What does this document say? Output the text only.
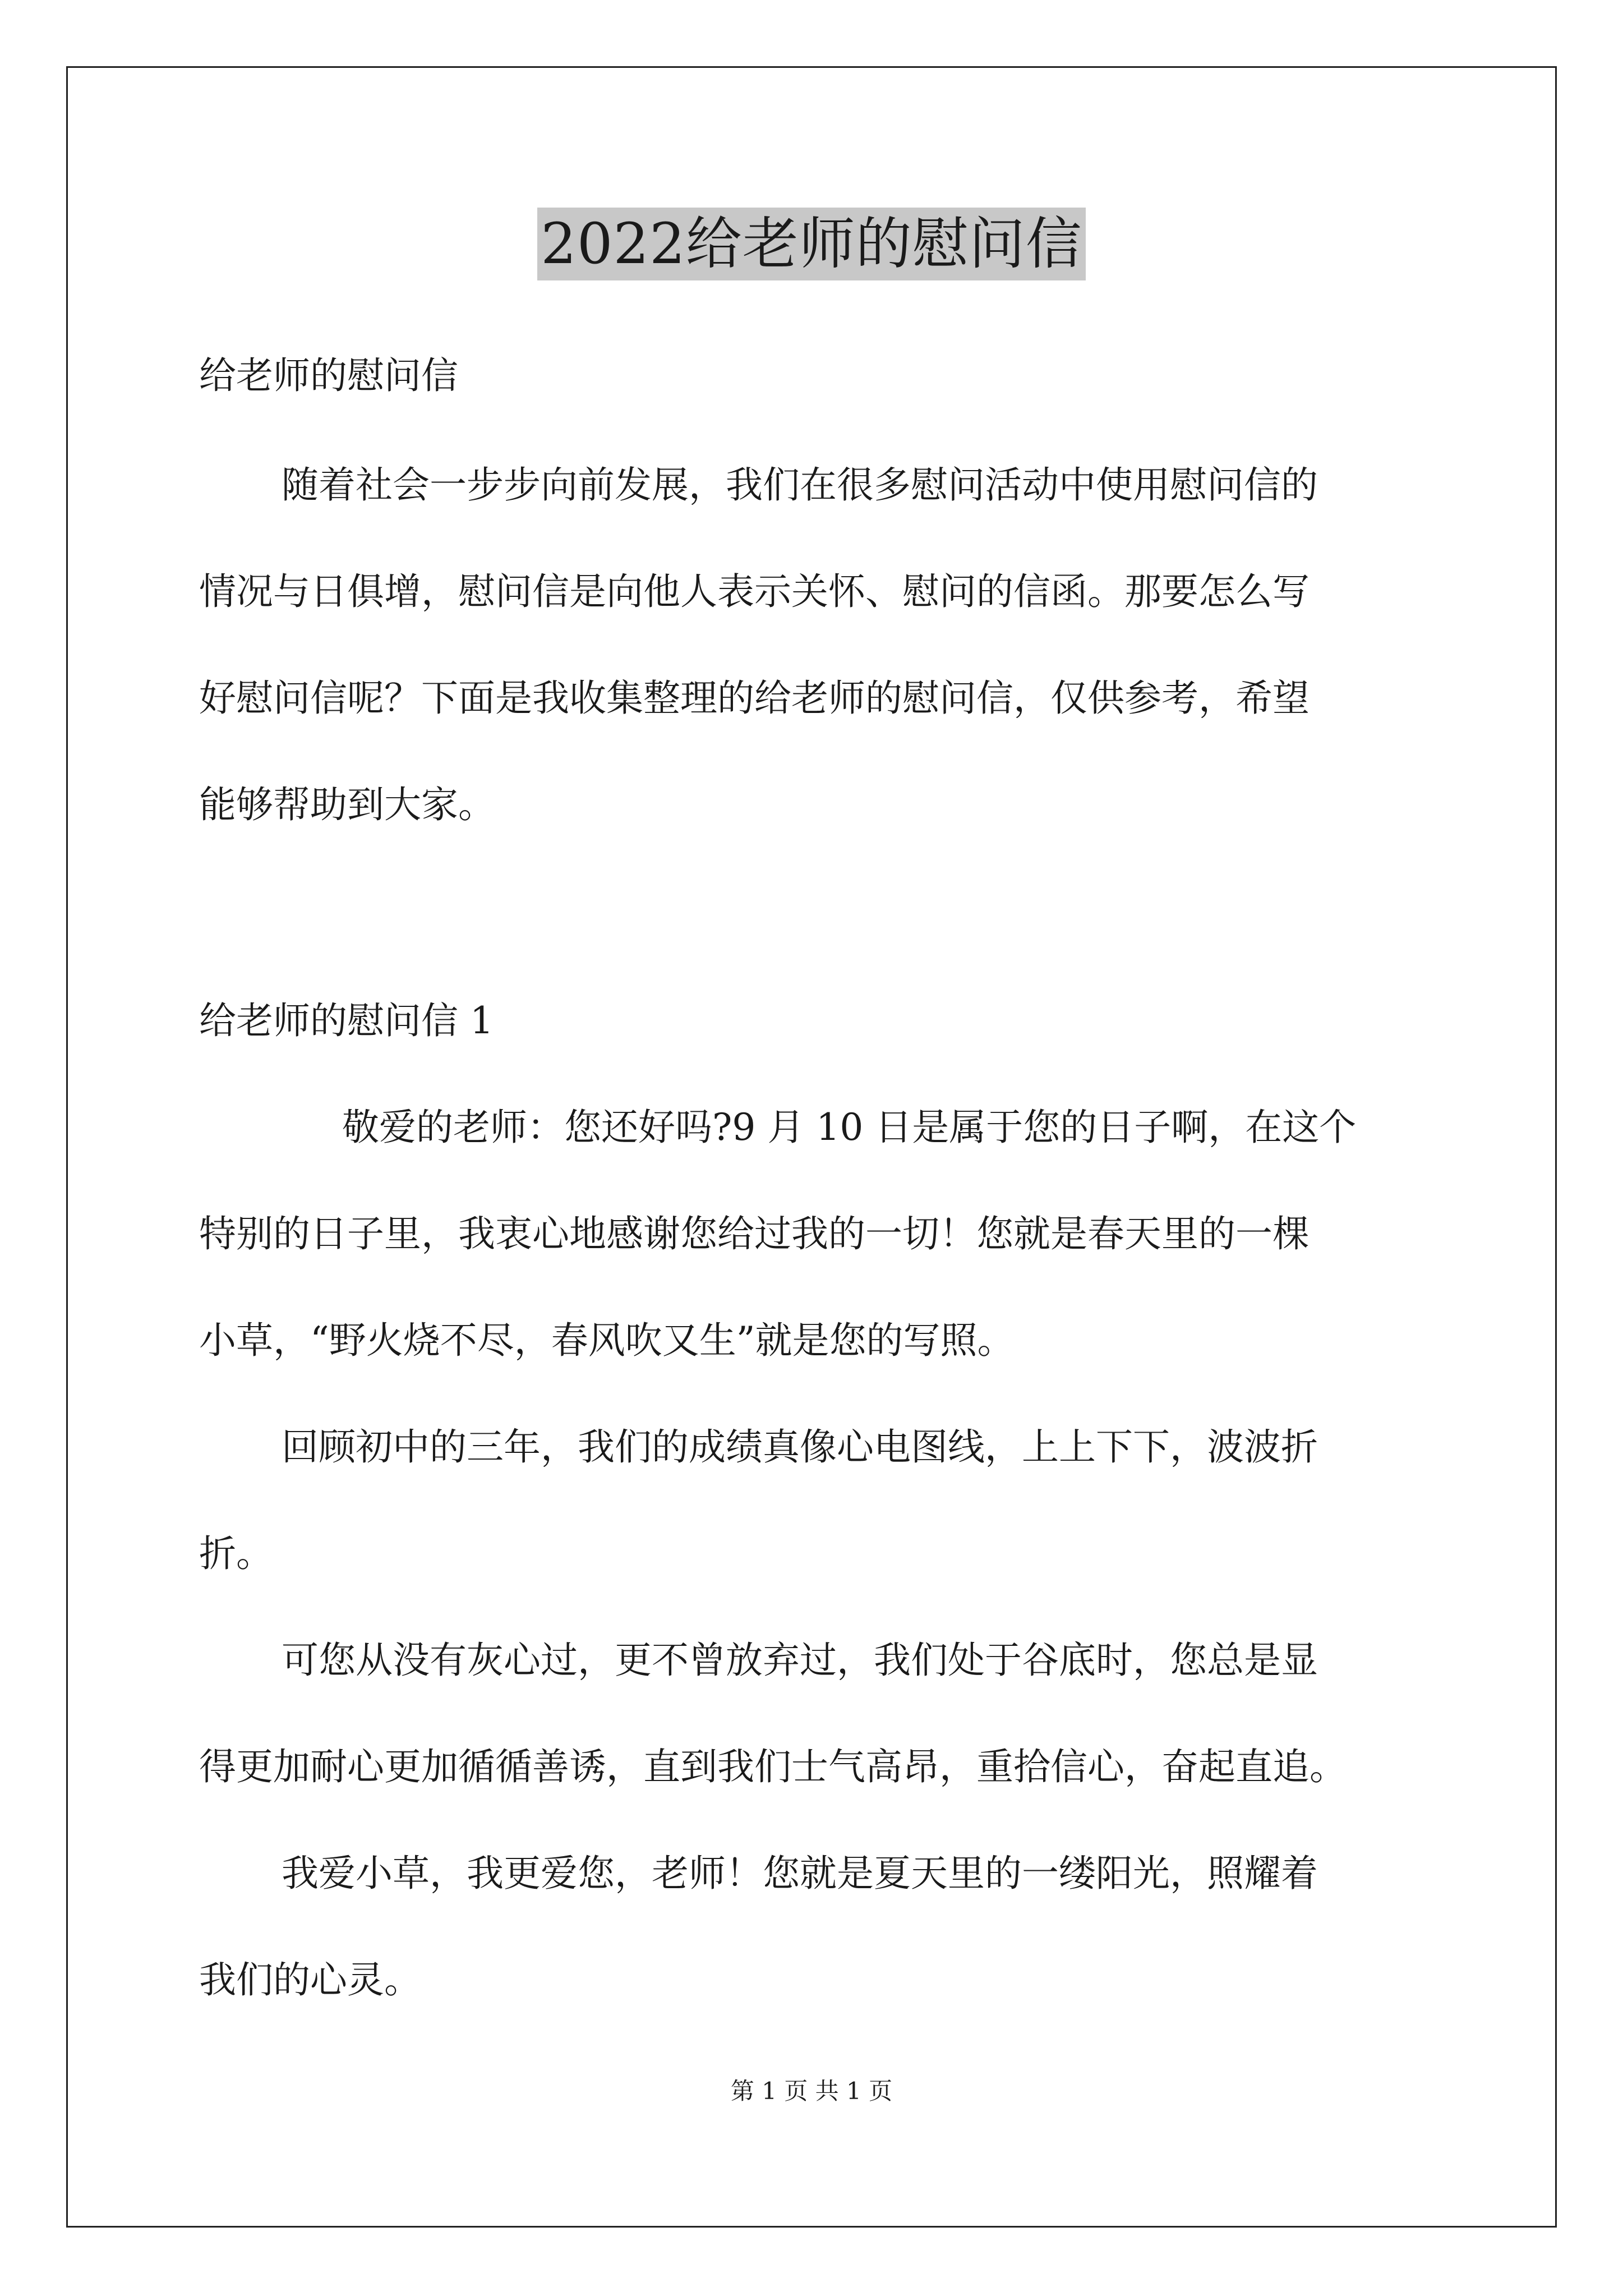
2022给老师的慰问信
给老师的慰问信
随着社会一步步向前发展，我们在很多慰问活动中使用慰问信的
情况与日俱增，慰问信是向他人表示关怀、慰问的信函。那要怎么写
好慰问信呢？下面是我收集整理的给老师的慰问信，仅供参考，希望
能够帮助到大家。
给老师的慰问信 1
敬爱的老师：您还好吗?9 月 10 日是属于您的日子啊，在这个
特别的日子里，我衷心地感谢您给过我的一切！您就是春天里的一棵
小草，“野火烧不尽，春风吹又生”就是您的写照。
回顾初中的三年，我们的成绩真像心电图线，上上下下，波波折
折。
可您从没有灰心过，更不曾放弃过，我们处于谷底时，您总是显
得更加耐心更加循循善诱，直到我们士气高昂，重拾信心，奋起直追。
我爱小草，我更爱您，老师！您就是夏天里的一缕阳光，照耀着
我们的心灵。
第 1 页 共 1 页
